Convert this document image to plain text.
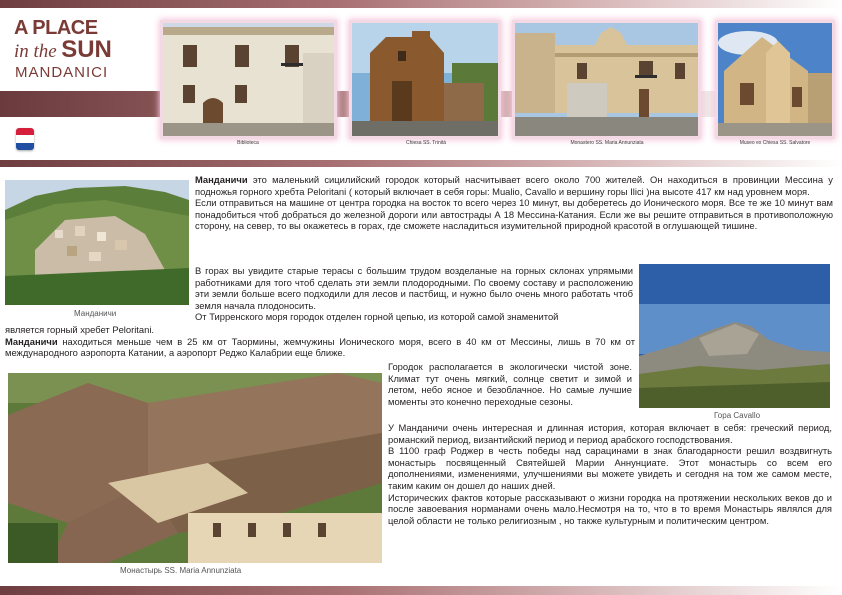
A PLACE
in the SUN
MANDANICI
Biblioteca	Chiesa SS. Trinità	Monastero SS. Maria Annunziata	Museo ex Chiesa SS. Salvatore
Манданичи
Гора Cavallo
Монастырь SS. Maria Annunziata

Манданичи это маленький сицилийский городок который насчитывает всего около 700 жителей. Он находиться в провинции Мессина у подножья горного хребта Peloritani ( который включает в себя горы: Mualio, Cavallo и вершину горы Ilici )на высоте 417 км над уровнем моря.

Если отправиться на машине от центра городка на восток то всего через 10 минут, вы доберетесь до Ионического моря. Все те же 10 минут вам понадобиться чтоб добраться до железной дороги или автострады А 18 Мессина-Катания. Если же вы решите отправиться в противоположную сторону, на север, то вы окажетесь в горах, где сможете насладиться изумительной природной красотой в оглушающей тишине.

В горах вы увидите старые терасы с большим трудом возделаные на горных склонах упрямыми работниками для того чтоб сделать эти земли плодородными. По своему составу и расположению эти земли больше всего подходили для лесов и пастбищ, и нужно было очень много работать чтоб земля начала плодоносить.

От Тирренского моря городок отделен горной цепью, из которой самой знаменитой

является горный хребет Peloritani.

Манданичи находиться меньше чем в 25 км от Таормины, жемчужины Ионического моря, всего в 40 км от Мессины, лишь в 70 км от международного аэропорта Катании, а аэропорт Реджо Калабрии еще ближе.

Городок располагается в экологически чистой зоне. Климат тут очень мягкий, солнце светит и зимой и летом, небо ясное и безоблачное. Но самые лучшие моменты это конечно переходные сезоны.

У Манданичи очень интересная и длинная история, которая включает в себя: греческий период, романский период, византийский период и период арабского господствования.

В 1100 граф Роджер в честь победы над сарацинами в знак благодарности решил воздвигнуть монастырь посвященный Святейшей Марии Аннунциате. Этот монастырь со всем его дополнениями, изменениями, улучшениями вы можете увидеть и сегодня на том же самом месте, таким каким он дошел до наших дней.

Исторических фактов которые рассказывают о жизни городка на протяжении нескольких веков до и после завоевания норманами очень мало.Несмотря на то, что в то время Монастырь являлся для целой области не только религиозным , но также культурным и политическим центром.
